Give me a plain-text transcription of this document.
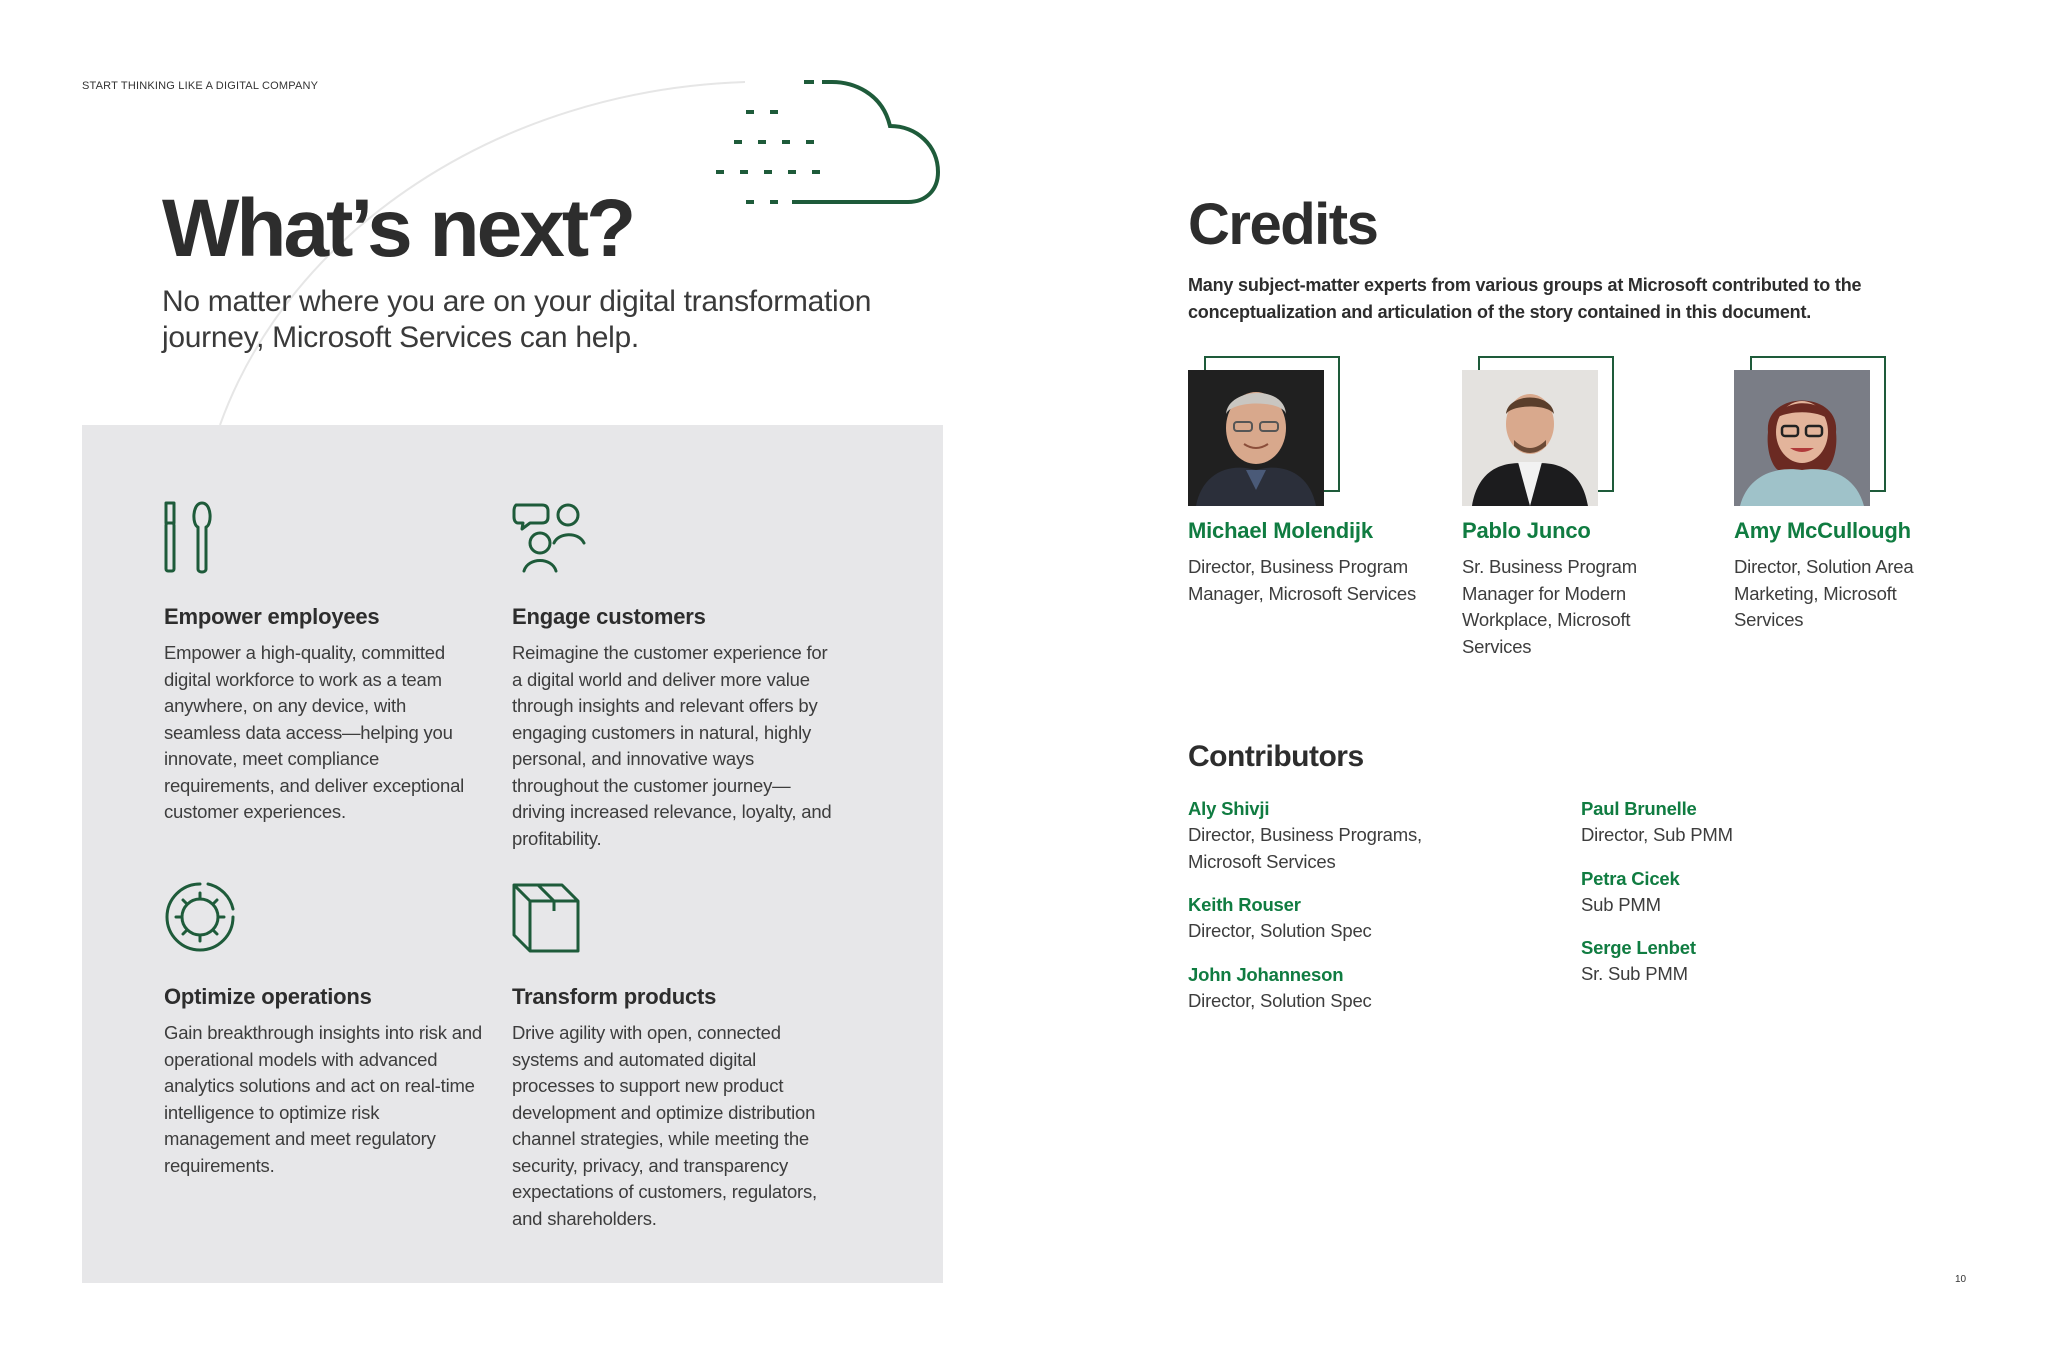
START THINKING LIKE A DIGITAL COMPANY
What’s next?

No matter where you are on your digital transformation journey, Microsoft Services can help.

Empower employees

Empower a high-quality, committed digital workforce to work as a team anywhere, on any device, with seamless data access—helping you innovate, meet compliance requirements, and deliver exceptional customer experiences.

Engage customers

Reimagine the customer experience for a digital world and deliver more value through insights and relevant offers by engaging customers in natural, highly personal, and innovative ways throughout the customer journey—driving increased relevance, loyalty, and profitability.

Optimize operations

Gain breakthrough insights into risk and operational models with advanced analytics solutions and act on real-time intelligence to optimize risk management and meet regulatory requirements.

Transform products

Drive agility with open, connected systems and automated digital processes to support new product development and optimize distribution channel strategies, while meeting the security, privacy, and transparency expectations of customers, regulators, and shareholders.

Credits

Many subject-matter experts from various groups at Microsoft contributed to the conceptualization and articulation of the story contained in this document.

Michael Molendijk
Director, Business Program Manager, Microsoft Services
Pablo Junco
Sr. Business Program Manager for Modern Workplace, Microsoft Services
Amy McCullough
Director, Solution Area Marketing, Microsoft Services
Contributors
Aly Shivji
Director, Business Programs, Microsoft Services
Keith Rouser
Director, Solution Spec
John Johanneson
Director, Solution Spec
Paul Brunelle
Director, Sub PMM
Petra Cicek
Sub PMM
Serge Lenbet
Sr. Sub PMM
10
